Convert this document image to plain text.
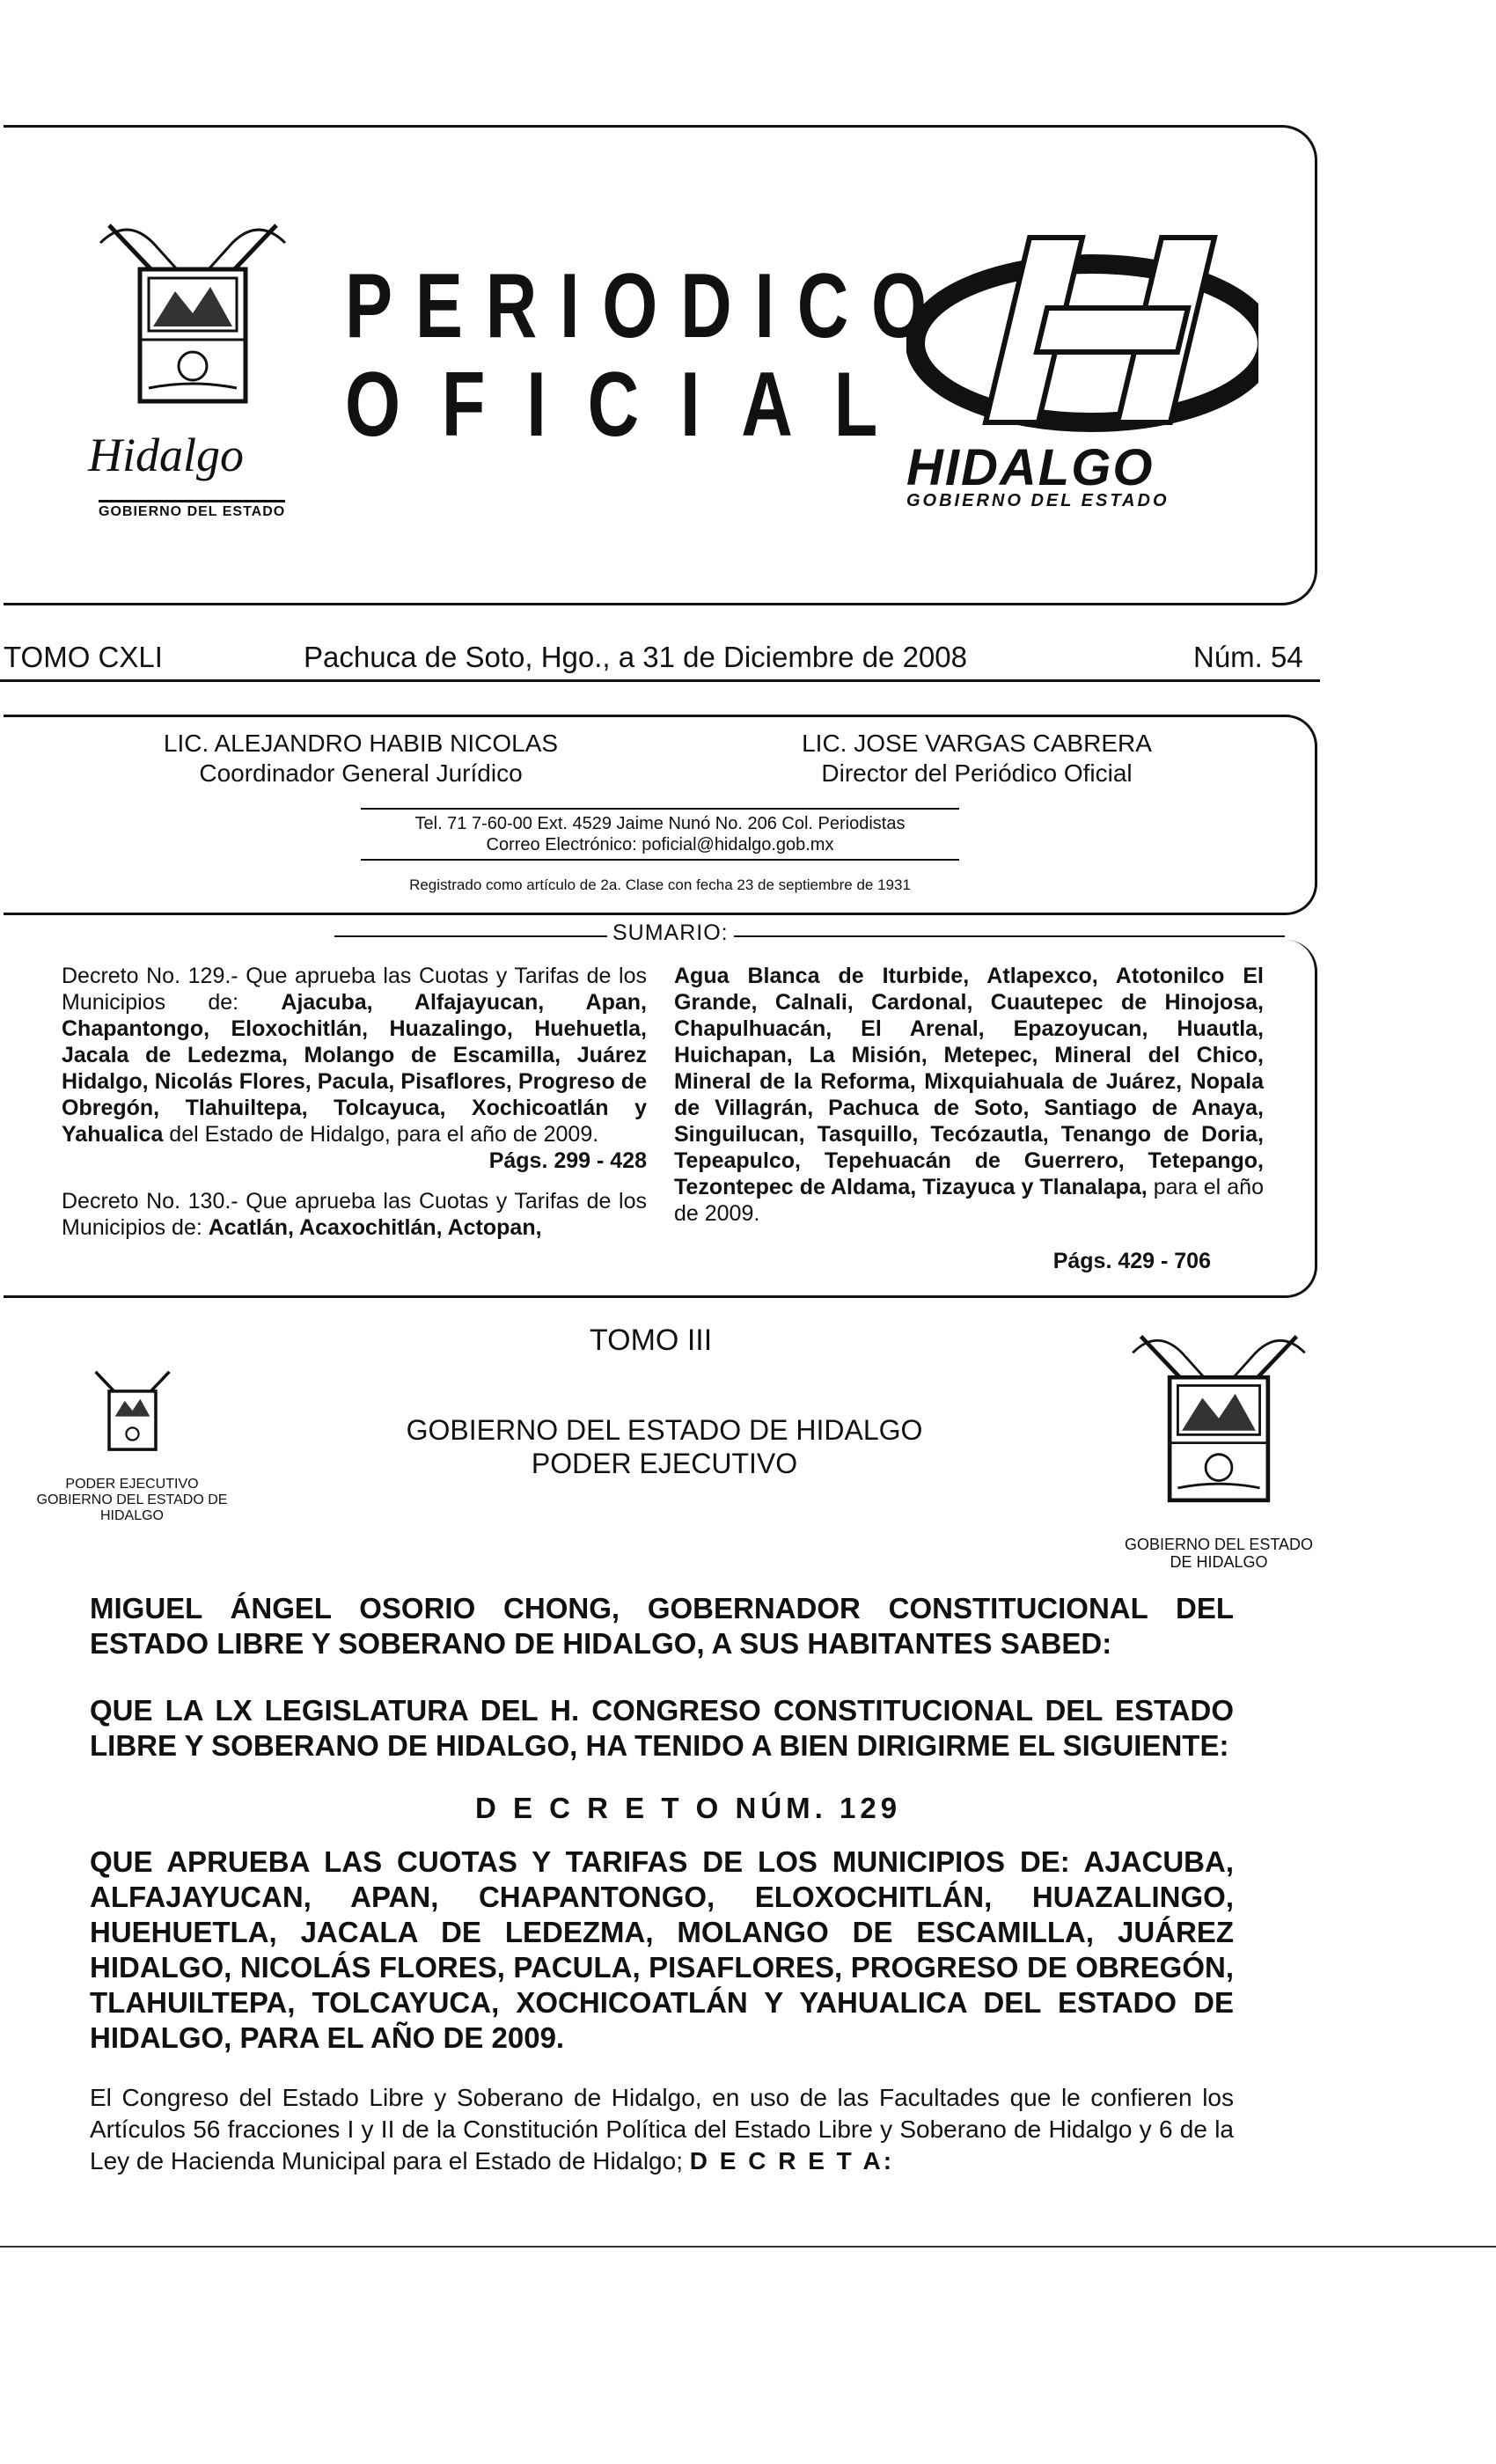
Hidalgo
GOBIERNO DEL ESTADO
PERIODICO
OFICIAL
HIDALGO
GOBIERNO DEL ESTADO
TOMO CXLI	Pachuca de Soto, Hgo., a 31 de Diciembre de 2008	Núm. 54
LIC. ALEJANDRO HABIB NICOLAS
Coordinador General Jurídico
LIC. JOSE VARGAS CABRERA
Director del Periódico Oficial
Tel. 71 7-60-00 Ext. 4529 Jaime Nunó No. 206 Col. Periodistas
Correo Electrónico: poficial@hidalgo.gob.mx
Registrado como artículo de 2a. Clase con fecha 23 de septiembre de 1931
SUMARIO:
Decreto No. 129.- Que aprueba las Cuotas y Tarifas de los Municipios de: Ajacuba, Alfajayucan, Apan, Chapantongo, Eloxochitlán, Huazalingo, Huehuetla, Jacala de Ledezma, Molango de Escamilla, Juárez Hidalgo, Nicolás Flores, Pacula, Pisaflores, Progreso de Obregón, Tlahuiltepa, Tolcayuca, Xochicoatlán y Yahualica del Estado de Hidalgo, para el año de 2009.
Págs. 299 - 428
Decreto No. 130.- Que aprueba las Cuotas y Tarifas de los Municipios de: Acatlán, Acaxochitlán, Actopan,
Agua Blanca de Iturbide, Atlapexco, Atotonilco El Grande, Calnali, Cardonal, Cuautepec de Hinojosa, Chapulhuacán, El Arenal, Epazoyucan, Huautla, Huichapan, La Misión, Metepec, Mineral del Chico, Mineral de la Reforma, Mixquiahuala de Juárez, Nopala de Villagrán, Pachuca de Soto, Santiago de Anaya, Singuilucan, Tasquillo, Tecózautla, Tenango de Doria, Tepeapulco, Tepehuacán de Guerrero, Tetepango, Tezontepec de Aldama, Tizayuca y Tlanalapa, para el año de 2009.
Págs. 429 - 706
TOMO III
PODER EJECUTIVO
GOBIERNO DEL ESTADO DE HIDALGO
GOBIERNO DEL ESTADO DE HIDALGO
PODER EJECUTIVO
GOBIERNO DEL ESTADO
DE HIDALGO
MIGUEL ÁNGEL OSORIO CHONG, GOBERNADOR CONSTITUCIONAL DEL ESTADO LIBRE Y SOBERANO DE HIDALGO, A SUS HABITANTES SABED:
QUE LA LX LEGISLATURA DEL H. CONGRESO CONSTITUCIONAL DEL ESTADO LIBRE Y SOBERANO DE HIDALGO, HA TENIDO A BIEN DIRIGIRME EL SIGUIENTE:
D E C R E T O NÚM. 129
QUE APRUEBA LAS CUOTAS Y TARIFAS DE LOS MUNICIPIOS DE: AJACUBA, ALFAJAYUCAN, APAN, CHAPANTONGO, ELOXOCHITLÁN, HUAZALINGO, HUEHUETLA, JACALA DE LEDEZMA, MOLANGO DE ESCAMILLA, JUÁREZ HIDALGO, NICOLÁS FLORES, PACULA, PISAFLORES, PROGRESO DE OBREGÓN, TLAHUILTEPA, TOLCAYUCA, XOCHICOATLÁN Y YAHUALICA DEL ESTADO DE HIDALGO, PARA EL AÑO DE 2009.
El Congreso del Estado Libre y Soberano de Hidalgo, en uso de las Facultades que le confieren los Artículos 56 fracciones I y II de la Constitución Política del Estado Libre y Soberano de Hidalgo y 6 de la Ley de Hacienda Municipal para el Estado de Hidalgo; D E C R E T A:
